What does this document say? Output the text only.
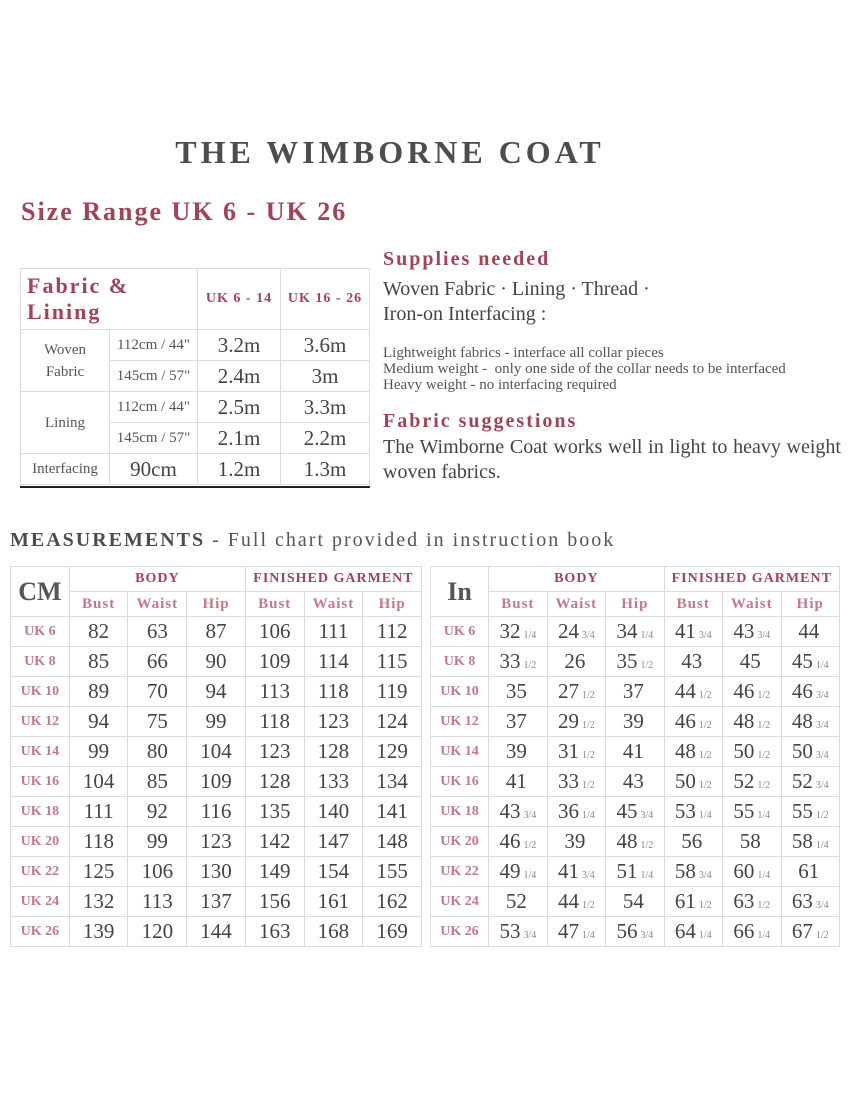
THE WIMBORNE COAT
Size Range UK 6 - UK 26
Fabric & Lining		UK 6 - 14	UK 16 - 26
Woven Fabric	112cm / 44"	3.2m	3.6m
	145cm / 57"	2.4m	3m
Lining	112cm / 44"	2.5m	3.3m
	145cm / 57"	2.1m	2.2m
Interfacing	90cm	1.2m	1.3m
Supplies needed
Woven Fabric · Lining · Thread ·
Iron-on Interfacing :
Lightweight fabrics - interface all collar pieces
Medium weight -  only one side of the collar needs to be interfaced
Heavy weight - no interfacing required
Fabric suggestions
The Wimborne Coat works well in light to heavy weight woven fabrics.
MEASUREMENTS - Full chart provided in instruction book
CM	BODY			FINISHED GARMENT		
	Bust	Waist	Hip	Bust	Waist	Hip
UK 6	82	63	87	106	111	112
UK 8	85	66	90	109	114	115
UK 10	89	70	94	113	118	119
UK 12	94	75	99	118	123	124
UK 14	99	80	104	123	128	129
UK 16	104	85	109	128	133	134
UK 18	111	92	116	135	140	141
UK 20	118	99	123	142	147	148
UK 22	125	106	130	149	154	155
UK 24	132	113	137	156	161	162
UK 26	139	120	144	163	168	169
In	BODY			FINISHED GARMENT		
	Bust	Waist	Hip	Bust	Waist	Hip
UK 6	32 1/4	24 3/4	34 1/4	41 3/4	43 3/4	44
UK 8	33 1/2	26	35 1/2	43	45	45 1/4
UK 10	35	27 1/2	37	44 1/2	46 1/2	46 3/4
UK 12	37	29 1/2	39	46 1/2	48 1/2	48 3/4
UK 14	39	31 1/2	41	48 1/2	50 1/2	50 3/4
UK 16	41	33 1/2	43	50 1/2	52 1/2	52 3/4
UK 18	43 3/4	36 1/4	45 3/4	53 1/4	55 1/4	55 1/2
UK 20	46 1/2	39	48 1/2	56	58	58 1/4
UK 22	49 1/4	41 3/4	51 1/4	58 3/4	60 1/4	61
UK 24	52	44 1/2	54	61 1/2	63 1/2	63 3/4
UK 26	53 3/4	47 1/4	56 3/4	64 1/4	66 1/4	67 1/2
